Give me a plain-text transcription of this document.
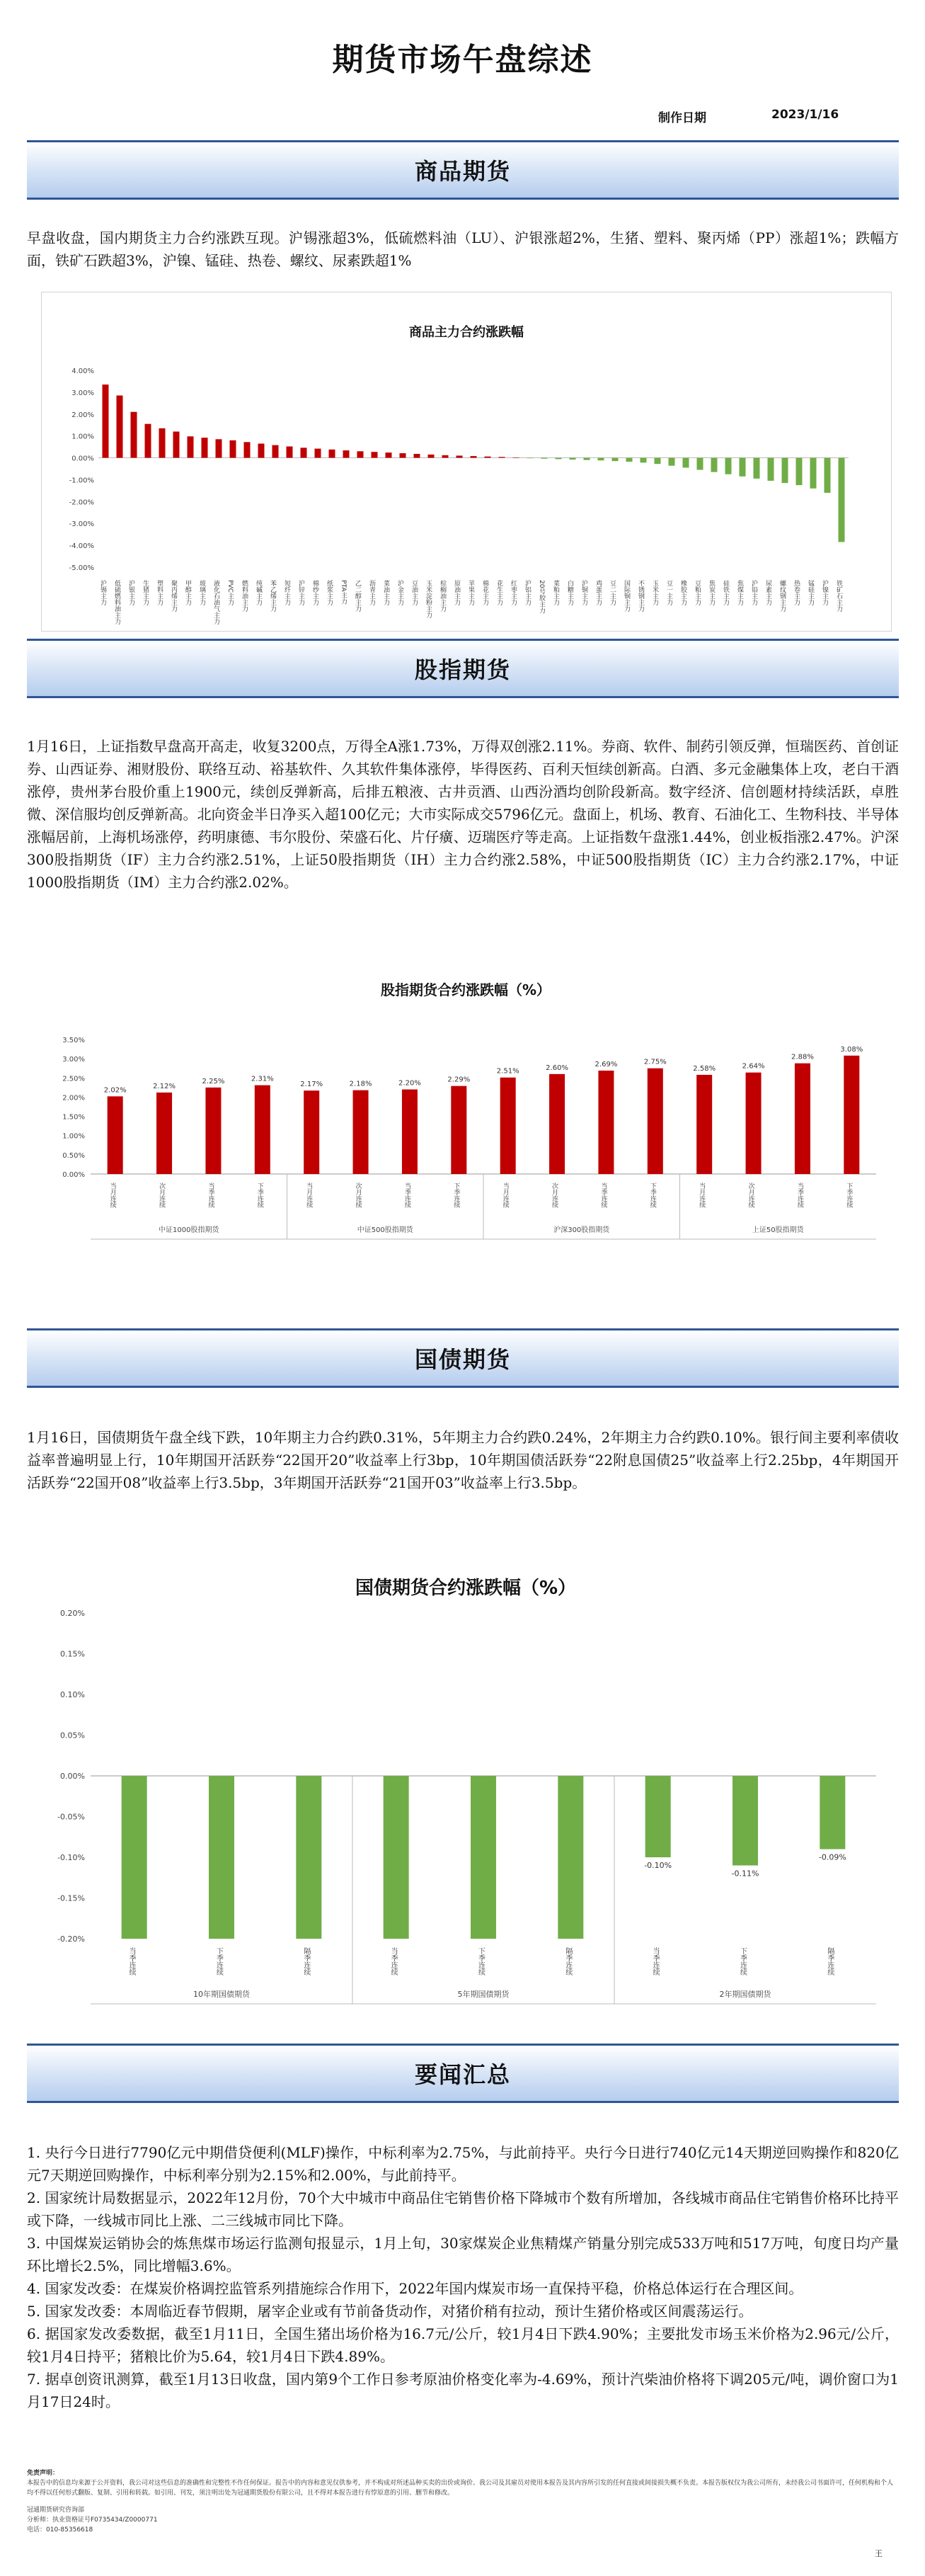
期货市场午盘综述
制作日期	2023/1/16
商品期货

早盘收盘，国内期货主力合约涨跌互现。沪锡涨超3%，低硫燃料油（LU）、沪银涨超2%，生猪、塑料、聚丙烯（PP）涨超1%；跌幅方面，铁矿石跌超3%，沪镍、锰硅、热卷、螺纹、尿素跌超1%

商品主力合约涨跌幅
4.00%
3.00%
2.00%
1.00%
0.00%
-1.00%
-2.00%
-3.00%
-4.00%
-5.00%
沪锡主力 低硫燃料油主力 沪银主力 生猪主力 塑料主力 聚丙烯主力 甲醇主力 玻璃主力 液化石油气主力 PVC主力 燃料油主力 纯碱主力 苯乙烯主力 短纤主力 沪锌主力 棉纱主力 纸浆主力 PTA主力 乙二醇主力 沥青主力 菜油主力 沪金主力 豆油主力 玉米淀粉主力 棕榈油主力 原油主力 苹果主力 棉花主力 花生主力 红枣主力 沪铝主力 20号胶主力 菜粕主力 白糖主力 沪铜主力 鸡蛋主力 豆二主力 国际铜主力 不锈钢主力 玉米主力 豆一主力 橡胶主力 豆粕主力 焦炭主力 硅铁主力 焦煤主力 沪铅主力 尿素主力 螺纹钢主力 热卷主力 锰硅主力 沪镍主力 铁矿石主力
股指期货

1月16日，上证指数早盘高开高走，收复3200点，万得全A涨1.73%，万得双创涨2.11%。券商、软件、制药引领反弹，恒瑞医药、首创证券、山西证券、湘财股份、联络互动、裕基软件、久其软件集体涨停，毕得医药、百利天恒续创新高。白酒、多元金融集体上攻，老白干酒涨停，贵州茅台股价重上1900元，续创反弹新高，后排五粮液、古井贡酒、山西汾酒均创阶段新高。数字经济、信创题材持续活跃，卓胜微、深信服均创反弹新高。北向资金半日净买入超100亿元；大市实际成交5796亿元。盘面上，机场、教育、石油化工、生物科技、半导体涨幅居前，上海机场涨停，药明康德、韦尔股份、荣盛石化、片仔癀、迈瑞医疗等走高。上证指数午盘涨1.44%，创业板指涨2.47%。沪深300股指期货（IF）主力合约涨2.51%，上证50股指期货（IH）主力合约涨2.58%，中证500股指期货（IC）主力合约涨2.17%，中证1000股指期货（IM）主力合约涨2.02%。

股指期货合约涨跌幅（%）
3.50%
3.00%
2.50%
2.00%
1.50%
1.00%
0.50%
0.00%
2.02%
当月连续
2.12%
次月连续
2.25%
当季连续
2.31%
下季连续
中证1000股指期货
2.17%
当月连续
2.18%
次月连续
2.20%
当季连续
2.29%
下季连续
中证500股指期货
2.51%
当月连续
2.60%
次月连续
2.69%
当季连续
2.75%
下季连续
沪深300股指期货
2.58%
当月连续
2.64%
次月连续
2.88%
当季连续
3.08%
下季连续
上证50股指期货
国债期货

1月16日，国债期货午盘全线下跌，10年期主力合约跌0.31%，5年期主力合约跌0.24%，2年期主力合约跌0.10%。银行间主要利率债收益率普遍明显上行，10年期国开活跃券“22国开20”收益率上行3bp，10年期国债活跃券“22附息国债25”收益率上行2.25bp，4年期国开活跃券“22国开08”收益率上行3.5bp，3年期国开活跃券“21国开03”收益率上行3.5bp。

国债期货合约涨跌幅（%）
0.20%
0.15%
0.10%
0.05%
0.00%
-0.05%
-0.10%
-0.15%
-0.20%
当季连续	下季连续	隔季连续
10年期国债期货
当季连续	下季连续	隔季连续
5年期国债期货
-0.10%
当季连续
-0.11%
下季连续
-0.09%
隔季连续
2年期国债期货
要闻汇总

1. 央行今日进行7790亿元中期借贷便利(MLF)操作，中标利率为2.75%，与此前持平。央行今日进行740亿元14天期逆回购操作和820亿元7天期逆回购操作，中标利率分别为2.15%和2.00%，与此前持平。

2. 国家统计局数据显示，2022年12月份，70个大中城市中商品住宅销售价格下降城市个数有所增加，各线城市商品住宅销售价格环比持平或下降，一线城市同比上涨、二三线城市同比下降。

3. 中国煤炭运销协会的炼焦煤市场运行监测旬报显示，1月上旬，30家煤炭企业焦精煤产销量分别完成533万吨和517万吨，旬度日均产量环比增长2.5%，同比增幅3.6%。

4. 国家发改委：在煤炭价格调控监管系列措施综合作用下，2022年国内煤炭市场一直保持平稳，价格总体运行在合理区间。

5. 国家发改委：本周临近春节假期，屠宰企业或有节前备货动作，对猪价稍有拉动，预计生猪价格或区间震荡运行。

6. 据国家发改委数据，截至1月11日，全国生猪出场价格为16.7元/公斤，较1月4日下跌4.90%；主要批发市场玉米价格为2.96元/公斤，较1月4日持平；猪粮比价为5.64，较1月4日下跌4.89%。

7. 据卓创资讯测算，截至1月13日收盘，国内第9个工作日参考原油价格变化率为-4.69%，预计汽柴油价格将下调205元/吨，调价窗口为1月17日24时。

免责声明：
本报告中的信息均来源于公开资料，我公司对这些信息的准确性和完整性不作任何保证。报告中的内容和意见仅供参考，并不构成对所述品种买卖的出价或询价。我公司及其雇员对使用本报告及其内容所引发的任何直接或间接损失概不负责。本报告版权仅为我公司所有，未经我公司书面许可，任何机构和个人均不得以任何形式翻版、复制、引用和转载。如引用、刊发，须注明出处为冠通期货股份有限公司，且不得对本报告进行有悖原意的引用、删节和修改。
冠通期货研究咨询部
分析师：执业资格证号F0735434/Z0000771
电话：010-85356618
王
